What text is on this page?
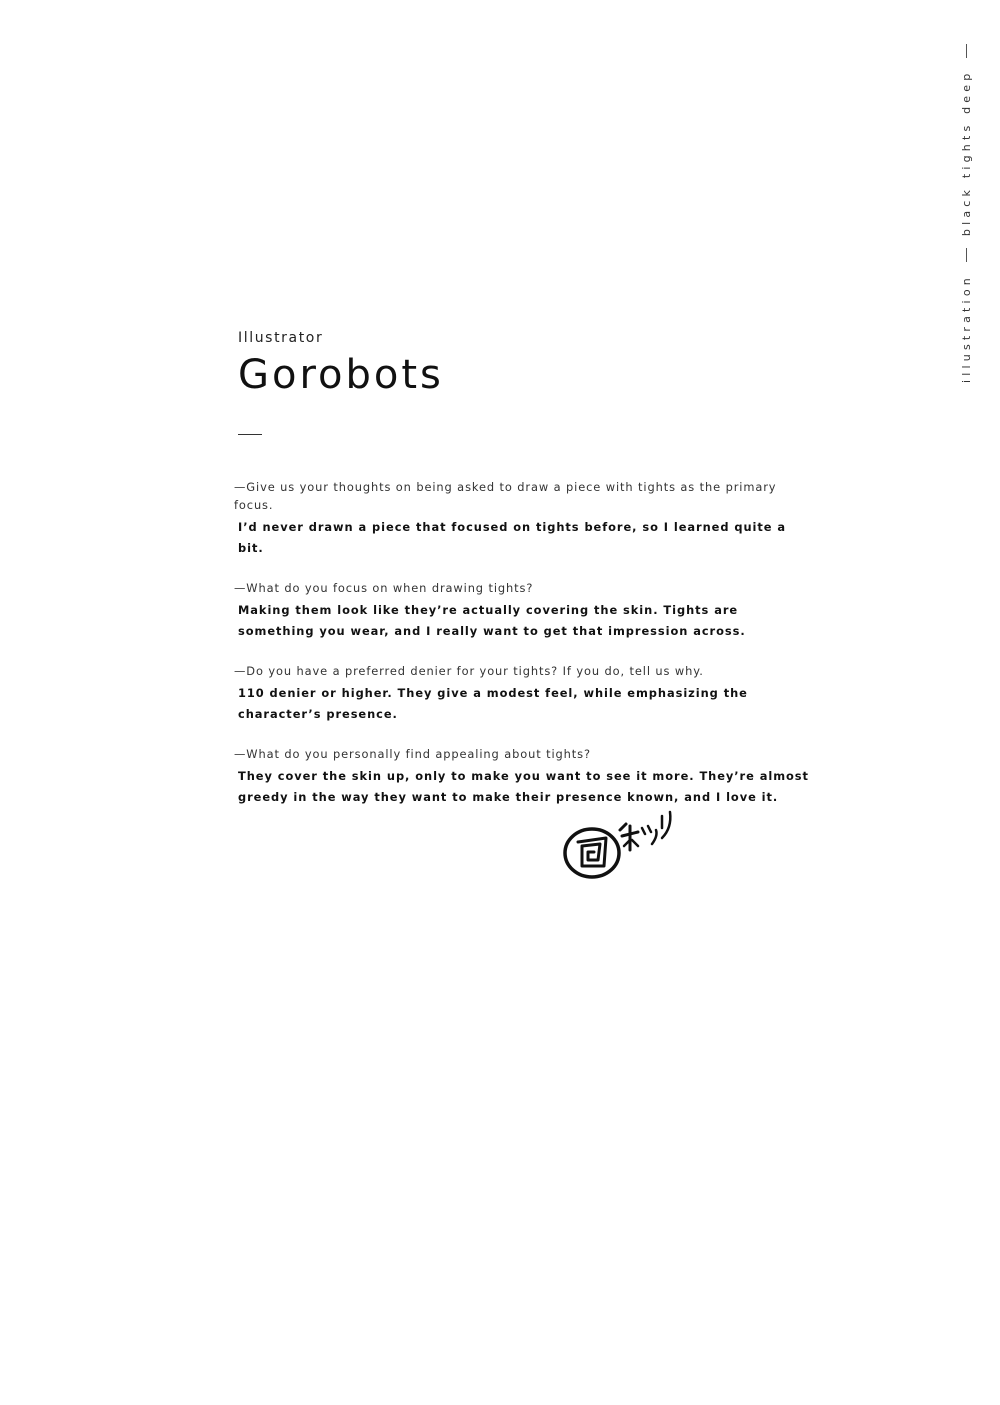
illustration
black tights deep

Illustrator

Gorobots

—Give us your thoughts on being asked to draw a piece with tights as the primary focus.

I’d never drawn a piece that focused on tights before, so I learned quite a bit.

—What do you focus on when drawing tights?

Making them look like they’re actually covering the skin. Tights are something you wear, and I really want to get that impression across.

—Do you have a preferred denier for your tights? If you do, tell us why.

110 denier or higher. They give a modest feel, while emphasizing the character’s presence.

—What do you personally find appealing about tights?

They cover the skin up, only to make you want to see it more. They’re almost greedy in the way they want to make their presence known, and I love it.
